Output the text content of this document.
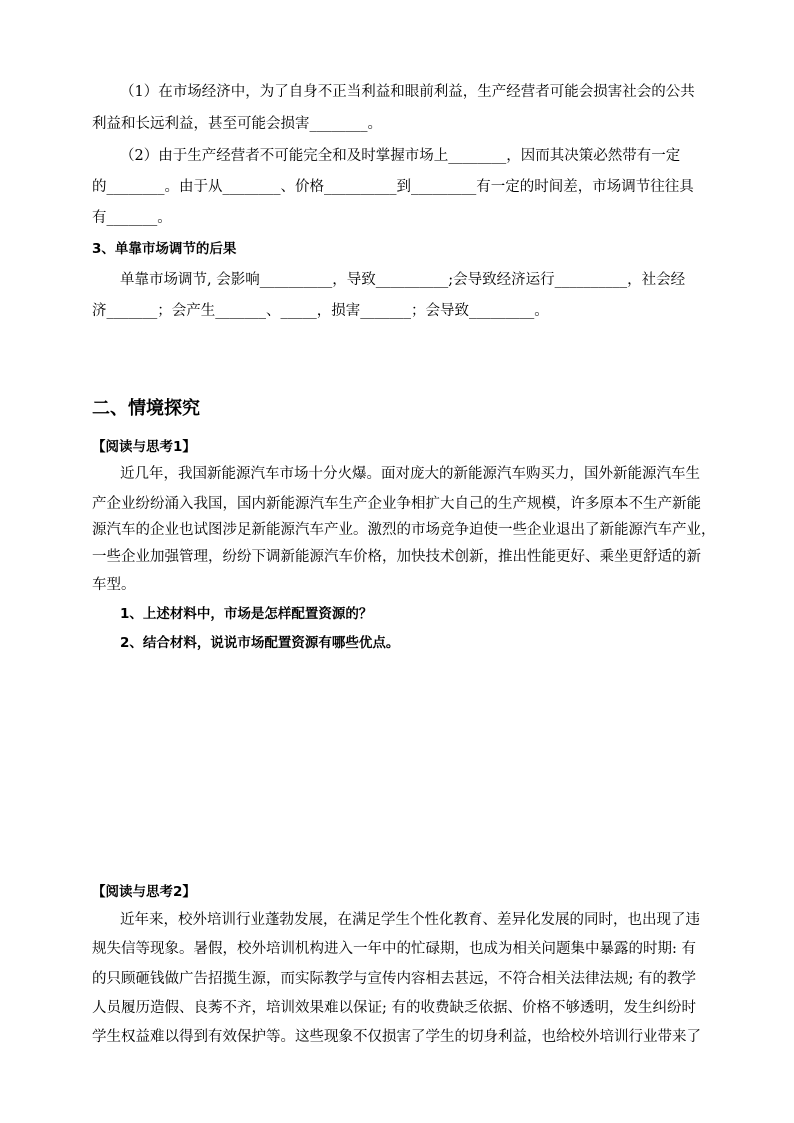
（1）在市场经济中，为了自身不正当利益和眼前利益，生产经营者可能会损害社会的公共
利益和长远利益，甚至可能会损害________。
（2）由于生产经营者不可能完全和及时掌握市场上________，因而其决策必然带有一定
的________。由于从________、价格__________到_________有一定的时间差，市场调节往往具
有_______。
3、单靠市场调节的后果
单靠市场调节, 会影响__________，导致__________;会导致经济运行__________，社会经
济_______；会产生_______、_____，损害_______；会导致_________。
二、情境探究
【阅读与思考1】
近几年，我国新能源汽车市场十分火爆。面对庞大的新能源汽车购买力，国外新能源汽车生
产企业纷纷涌入我国，国内新能源汽车生产企业争相扩大自己的生产规模，许多原本不生产新能
源汽车的企业也试图涉足新能源汽车产业。激烈的市场竞争迫使一些企业退出了新能源汽车产业，
一些企业加强管理，纷纷下调新能源汽车价格，加快技术创新，推出性能更好、乘坐更舒适的新
车型。
1、上述材料中，市场是怎样配置资源的？
2、结合材料，说说市场配置资源有哪些优点。
【阅读与思考2】
近年来，校外培训行业蓬勃发展，在满足学生个性化教育、差异化发展的同时，也出现了违
规失信等现象。暑假，校外培训机构进入一年中的忙碌期，也成为相关问题集中暴露的时期: 有
的只顾砸钱做广告招揽生源，而实际教学与宣传内容相去甚远，不符合相关法律法规; 有的教学
人员履历造假、良莠不齐，培训效果难以保证; 有的收费缺乏依据、价格不够透明，发生纠纷时
学生权益难以得到有效保护等。这些现象不仅损害了学生的切身利益，也给校外培训行业带来了
